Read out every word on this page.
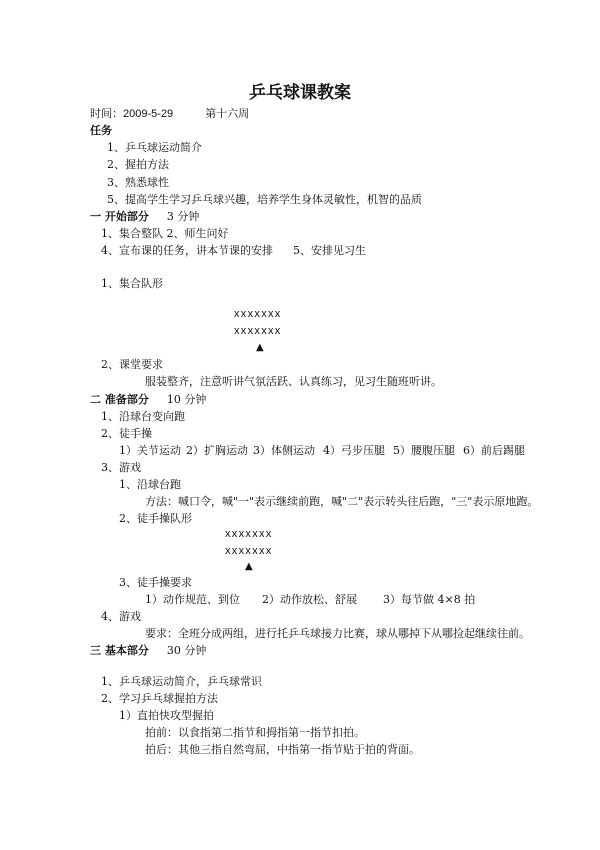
乒乓球课教案
时间：2009-5-29	第十六周
任务
1、乒乓球运动简介
2、握拍方法
3、熟悉球性
5、提高学生学习乒乓球兴趣，培养学生身体灵敏性，机智的品质
一 开始部分 3 分钟
1、集合整队 2、师生问好
4、宣布课的任务，讲本节课的安排 5、安排见习生
1、集合队形
xxxxxxx
xxxxxxx
▲
2、课堂要求
服装整齐，注意听讲气氛活跃、认真练习，见习生随班听讲。
二 准备部分 10 分钟
1、沿球台变向跑
2、徒手操
1）关节运动 2）扩胸运动 3）体侧运动 4）弓步压腿 5）腰腹压腿 6）前后踢腿
3、游戏
1、沿球台跑
方法：喊口令，喊"一"表示继续前跑，喊"二"表示转头往后跑，"三"表示原地跑。
2、徒手操队形
xxxxxxx
xxxxxxx
▲
3、徒手操要求
1）动作规范、到位 2）动作放松、舒展 3）每节做 4×8 拍
4、游戏
要求：全班分成两组，进行托乒乓球接力比赛，球从哪掉下从哪捡起继续往前。
三 基本部分 30 分钟
1、乒乓球运动简介，乒乓球常识
2、学习乒乓球握拍方法
1）直拍快攻型握拍
拍前：以食指第二指节和拇指第一指节扣拍。
拍后：其他三指自然弯屈，中指第一指节贴于拍的背面。
